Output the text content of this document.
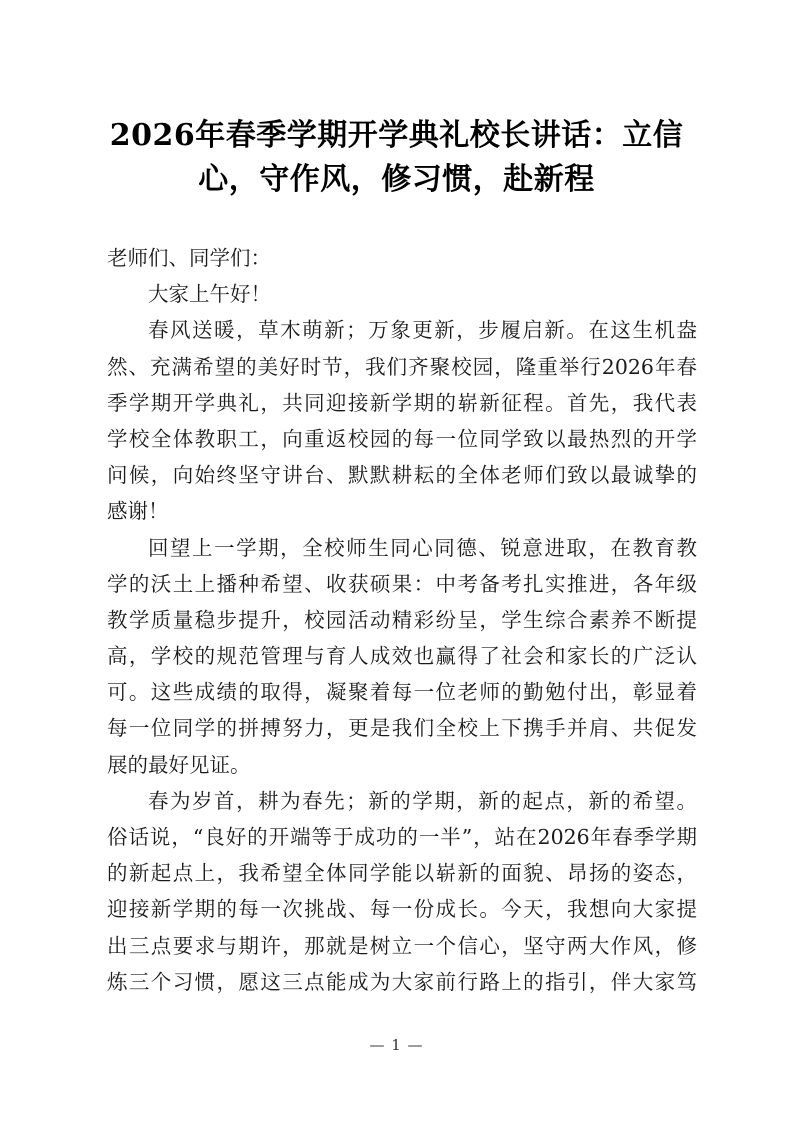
2026年春季学期开学典礼校长讲话：立信
心，守作风，修习惯，赴新程
老师们、同学们：
大家上午好！
春风送暖，草木萌新；万象更新，步履启新。在这生机盎
然、充满希望的美好时节，我们齐聚校园，隆重举行2026年春
季学期开学典礼，共同迎接新学期的崭新征程。首先，我代表
学校全体教职工，向重返校园的每一位同学致以最热烈的开学
问候，向始终坚守讲台、默默耕耘的全体老师们致以最诚挚的
感谢！
回望上一学期，全校师生同心同德、锐意进取，在教育教
学的沃土上播种希望、收获硕果：中考备考扎实推进，各年级
教学质量稳步提升，校园活动精彩纷呈，学生综合素养不断提
高，学校的规范管理与育人成效也赢得了社会和家长的广泛认
可。这些成绩的取得，凝聚着每一位老师的勤勉付出，彰显着
每一位同学的拼搏努力，更是我们全校上下携手并肩、共促发
展的最好见证。
春为岁首，耕为春先；新的学期，新的起点，新的希望。
俗话说，“良好的开端等于成功的一半”，站在2026年春季学期
的新起点上，我希望全体同学能以崭新的面貌、昂扬的姿态，
迎接新学期的每一次挑战、每一份成长。今天，我想向大家提
出三点要求与期许，那就是树立一个信心，坚守两大作风，修
炼三个习惯，愿这三点能成为大家前行路上的指引，伴大家笃
— 1 —
